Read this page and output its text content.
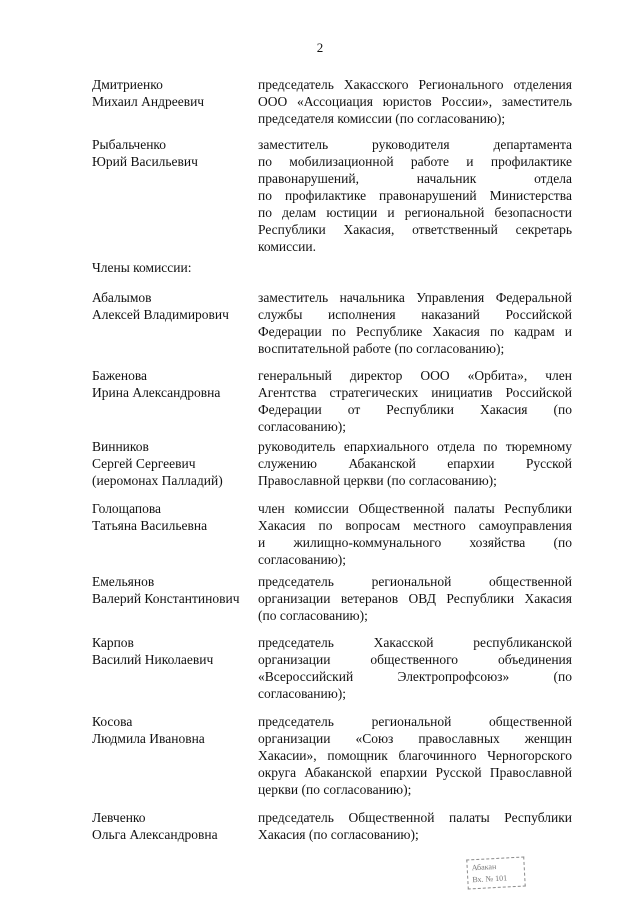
2
Дмитриенко
Михаил Андреевич

председатель Хакасского Регионального отделения

ООО «Ассоциация юристов России», заместитель

председателя комиссии (по согласованию);

Рыбальченко
Юрий Васильевич

заместитель руководителя департамента

по мобилизационной работе и профилактике

правонарушений, начальник отдела

по профилактике правонарушений Министерства

по делам юстиции и региональной безопасности

Республики Хакасия, ответственный секретарь

комиссии.

Члены комиссии:
Абалымов
Алексей Владимирович

заместитель начальника Управления Федеральной

службы исполнения наказаний Российской

Федерации по Республике Хакасия по кадрам и

воспитательной работе (по согласованию);

Баженова
Ирина Александровна

генеральный директор ООО «Орбита», член

Агентства стратегических инициатив Российской

Федерации от Республики Хакасия (по

согласованию);

Винников
Сергей Сергеевич
(иеромонах Палладий)

руководитель епархиального отдела по тюремному

служению Абаканской епархии Русской

Православной церкви (по согласованию);

Голощапова
Татьяна Васильевна

член комиссии Общественной палаты Республики

Хакасия по вопросам местного самоуправления

и жилищно-коммунального хозяйства (по

согласованию);

Емельянов
Валерий Константинович

председатель региональной общественной

организации ветеранов ОВД Республики Хакасия

(по согласованию);

Карпов
Василий Николаевич

председатель Хакасской республиканской

организации общественного объединения

«Всероссийский Электропрофсоюз» (по

согласованию);

Косова
Людмила Ивановна

председатель региональной общественной

организации «Союз православных женщин

Хакасии», помощник благочинного Черногорского

округа Абаканской епархии Русской Православной

церкви (по согласованию);

Левченко
Ольга Александровна

председатель Общественной палаты Республики

Хакасия (по согласованию);

Абакан
Вх. № 101
